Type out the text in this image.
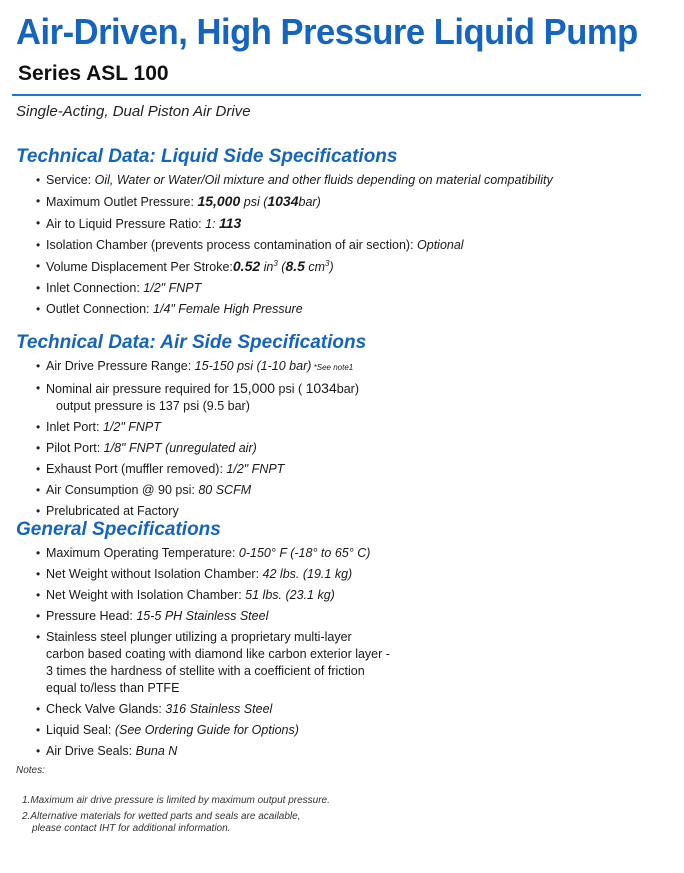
Air-Driven, High Pressure Liquid Pump
Series ASL 100
Single-Acting, Dual Piston Air Drive
Technical Data: Liquid Side Specifications
• Service: Oil, Water or Water/Oil mixture and other fluids depending on material compatibility
• Maximum Outlet Pressure: 15,000 psi (1034bar)
• Air to Liquid Pressure Ratio: 1: 113
• Isolation Chamber (prevents process contamination of air section): Optional
• Volume Displacement Per Stroke:0.52 $in^3$ (8.5 $cm^3$)
• Inlet Connection: 1/2" FNPT
• Outlet Connection: 1/4" Female High Pressure
Technical Data: Air Side Specifications
• Air Drive Pressure Range: 15-150 psi (1-10 bar) *See note1
• Nominal air pressure required for 15,000 psi ( 1034bar)
output pressure is 137 psi (9.5 bar)
• Inlet Port: 1/2" FNPT
• Pilot Port: 1/8" FNPT (unregulated air)
• Exhaust Port (muffler removed): 1/2" FNPT
• Air Consumption @ 90 psi: 80 SCFM
• Prelubricated at Factory
General Specifications
• Maximum Operating Temperature: 0-150° F (-18° to 65° C)
• Net Weight without Isolation Chamber: 42 lbs. (19.1 kg)
• Net Weight with Isolation Chamber: 51 lbs. (23.1 kg)
• Pressure Head: 15-5 PH Stainless Steel
• Stainless steel plunger utilizing a proprietary multi-layer
carbon based coating with diamond like carbon exterior layer -
3 times the hardness of stellite with a coefficient of friction
equal to/less than PTFE
• Check Valve Glands: 316 Stainless Steel
• Liquid Seal: (See Ordering Guide for Options)
• Air Drive Seals: Buna N
Notes:
1.Maximum air drive pressure is limited by maximum output pressure.
2.Alternative materials for wetted parts and seals are acailable,
please contact IHT for additional information.
